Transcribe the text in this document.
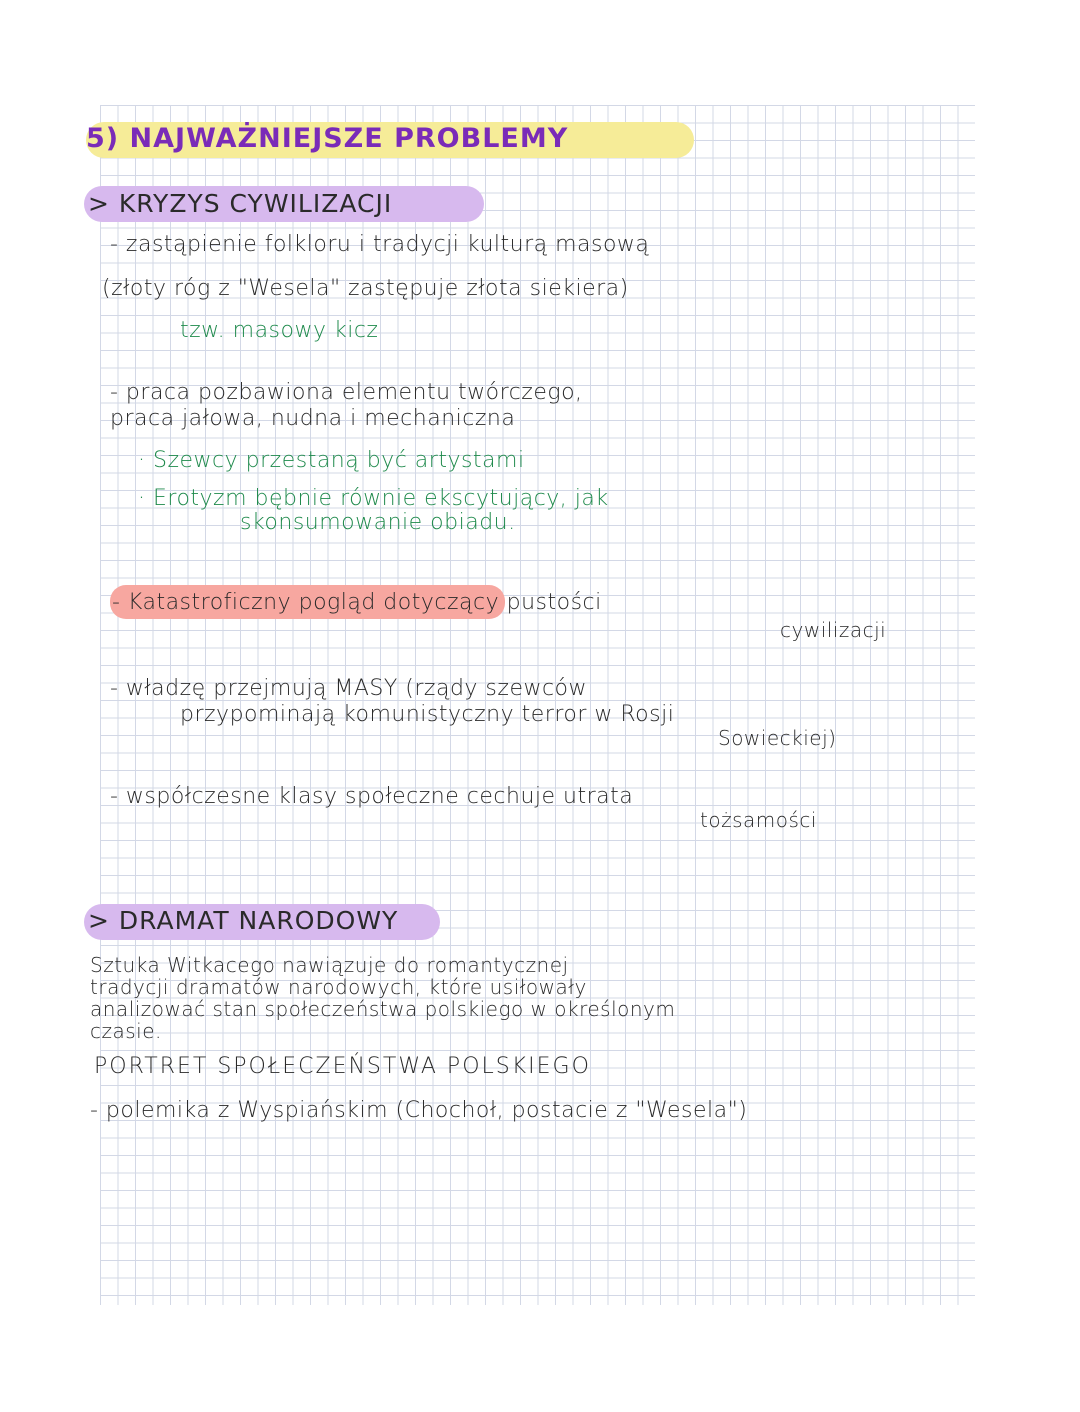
5) NAJWAŻNIEJSZE PROBLEMY
> KRYZYS CYWILIZACJI
- zastąpienie folkloru i tradycji kulturą masową
(złoty róg z "Wesela" zastępuje złota siekiera)
tzw. masowy kicz
- praca pozbawiona elementu twórczego,
praca jałowa, nudna i mechaniczna
· Szewcy przestaną być artystami
· Erotyzm bębnie równie ekscytujący, jak
skonsumowanie obiadu.
- Katastroficzny pogląd dotyczący pustości
cywilizacji
- władzę przejmują MASY (rządy szewców
przypominają komunistyczny terror w Rosji
Sowieckiej)
- współczesne klasy społeczne cechuje utrata
tożsamości
> DRAMAT NARODOWY
Sztuka Witkacego nawiązuje do romantycznej
tradycji dramatów narodowych, które usiłowały
analizować stan społeczeństwa polskiego w określonym
czasie.
PORTRET SPOŁECZEŃSTWA POLSKIEGO
- polemika z Wyspiańskim (Chochoł, postacie z "Wesela")
